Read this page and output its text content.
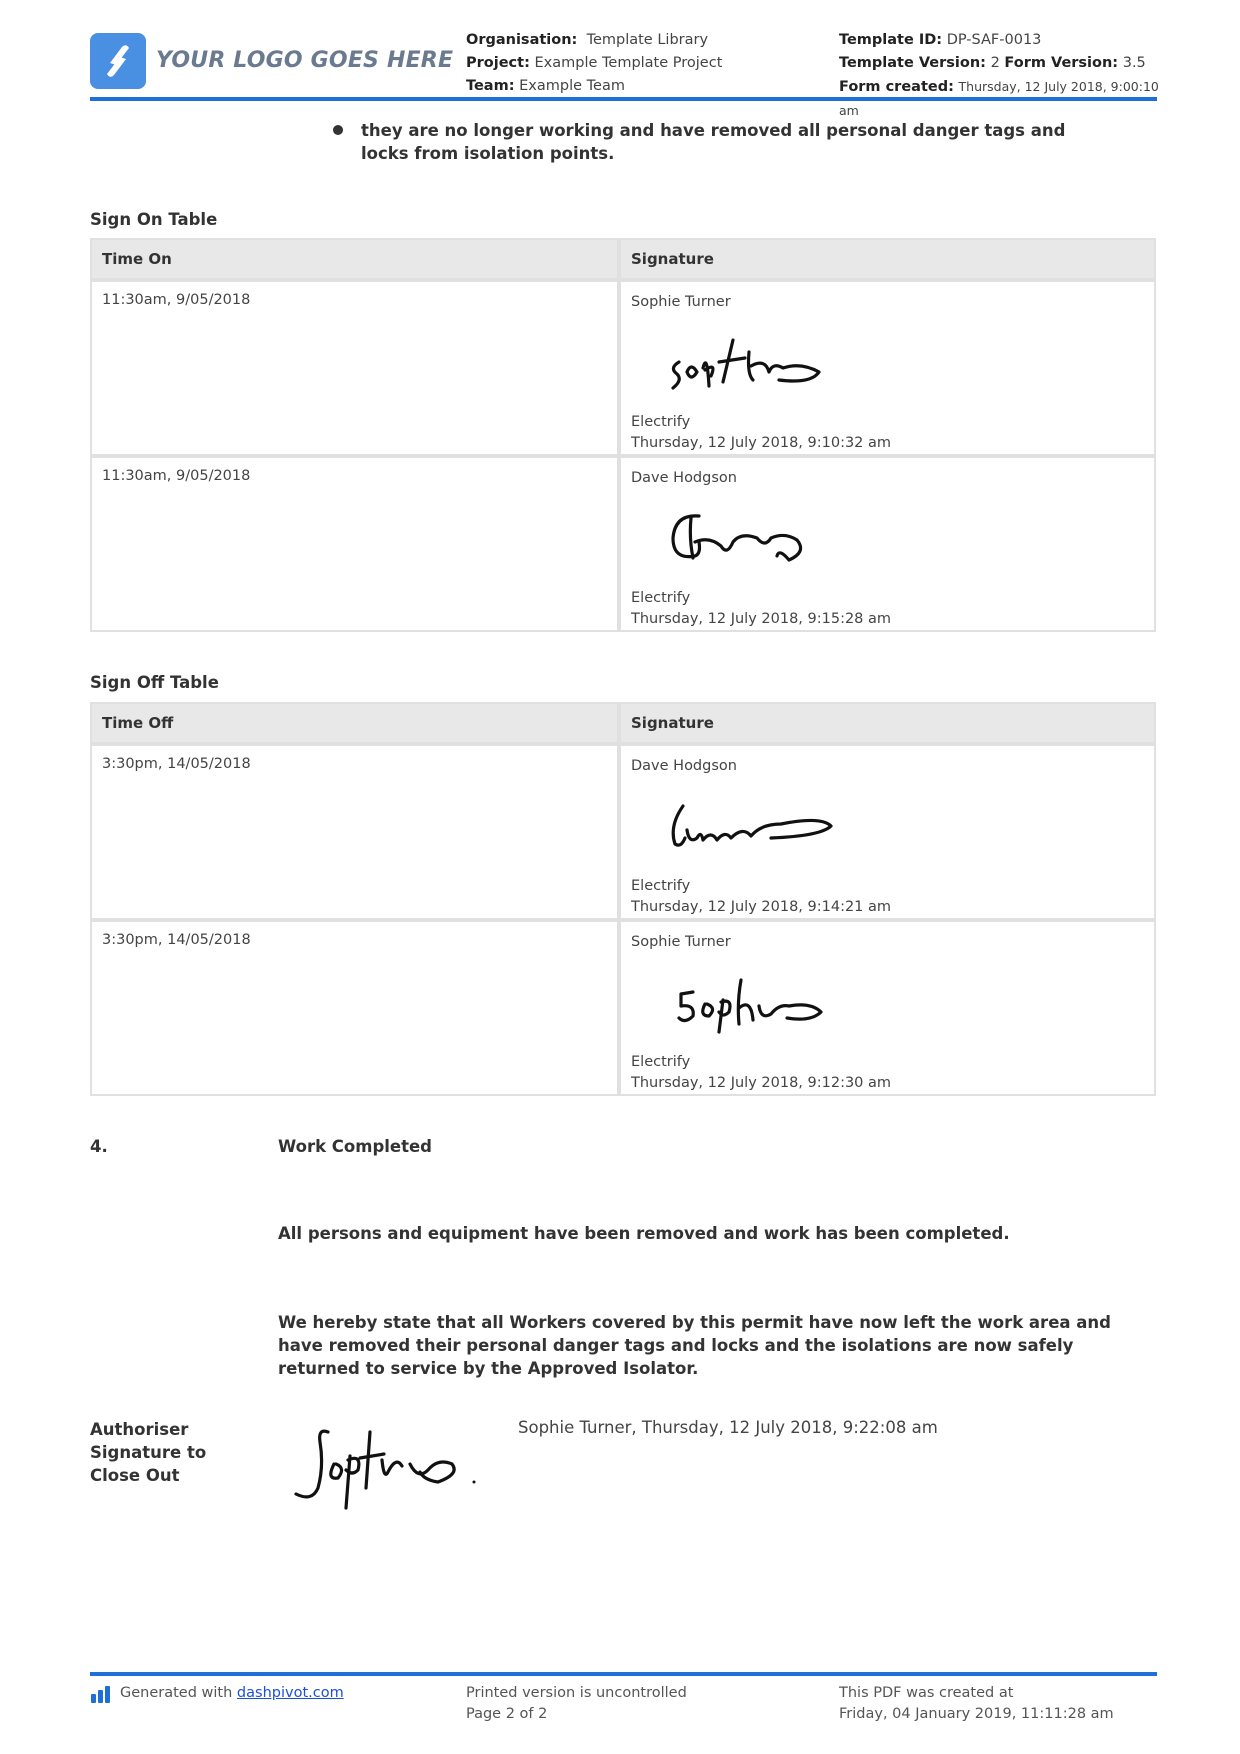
YOUR LOGO GOES HERE
Organisation: Template Library
Project: Example Template Project
Team: Example Team
Template ID: DP-SAF-0013
Template Version: 2 Form Version: 3.5
Form created: Thursday, 12 July 2018, 9:00:10 am
they are no longer working and have removed all personal danger tags and locks from isolation points.
Sign On Table
Time On	Signature
11:30am, 9/05/2018	Sophie Turner
Electrify
Thursday, 12 July 2018, 9:10:32 am

11:30am, 9/05/2018	Dave Hodgson
Electrify
Thursday, 12 July 2018, 9:15:28 am
Sign Off Table
Time Off	Signature
3:30pm, 14/05/2018	Dave Hodgson
Electrify
Thursday, 12 July 2018, 9:14:21 am

3:30pm, 14/05/2018	Sophie Turner
Electrify
Thursday, 12 July 2018, 9:12:30 am
4.	Work Completed
All persons and equipment have been removed and work has been completed.
We hereby state that all Workers covered by this permit have now left the work area and have removed their personal danger tags and locks and the isolations are now safely returned to service by the Approved Isolator.
Authoriser
Signature to
Close Out
Sophie Turner, Thursday, 12 July 2018, 9:22:08 am
Generated with dashpivot.com	Printed version is uncontrolled
Page 2 of 2
This PDF was created at
Friday, 04 January 2019, 11:11:28 am
